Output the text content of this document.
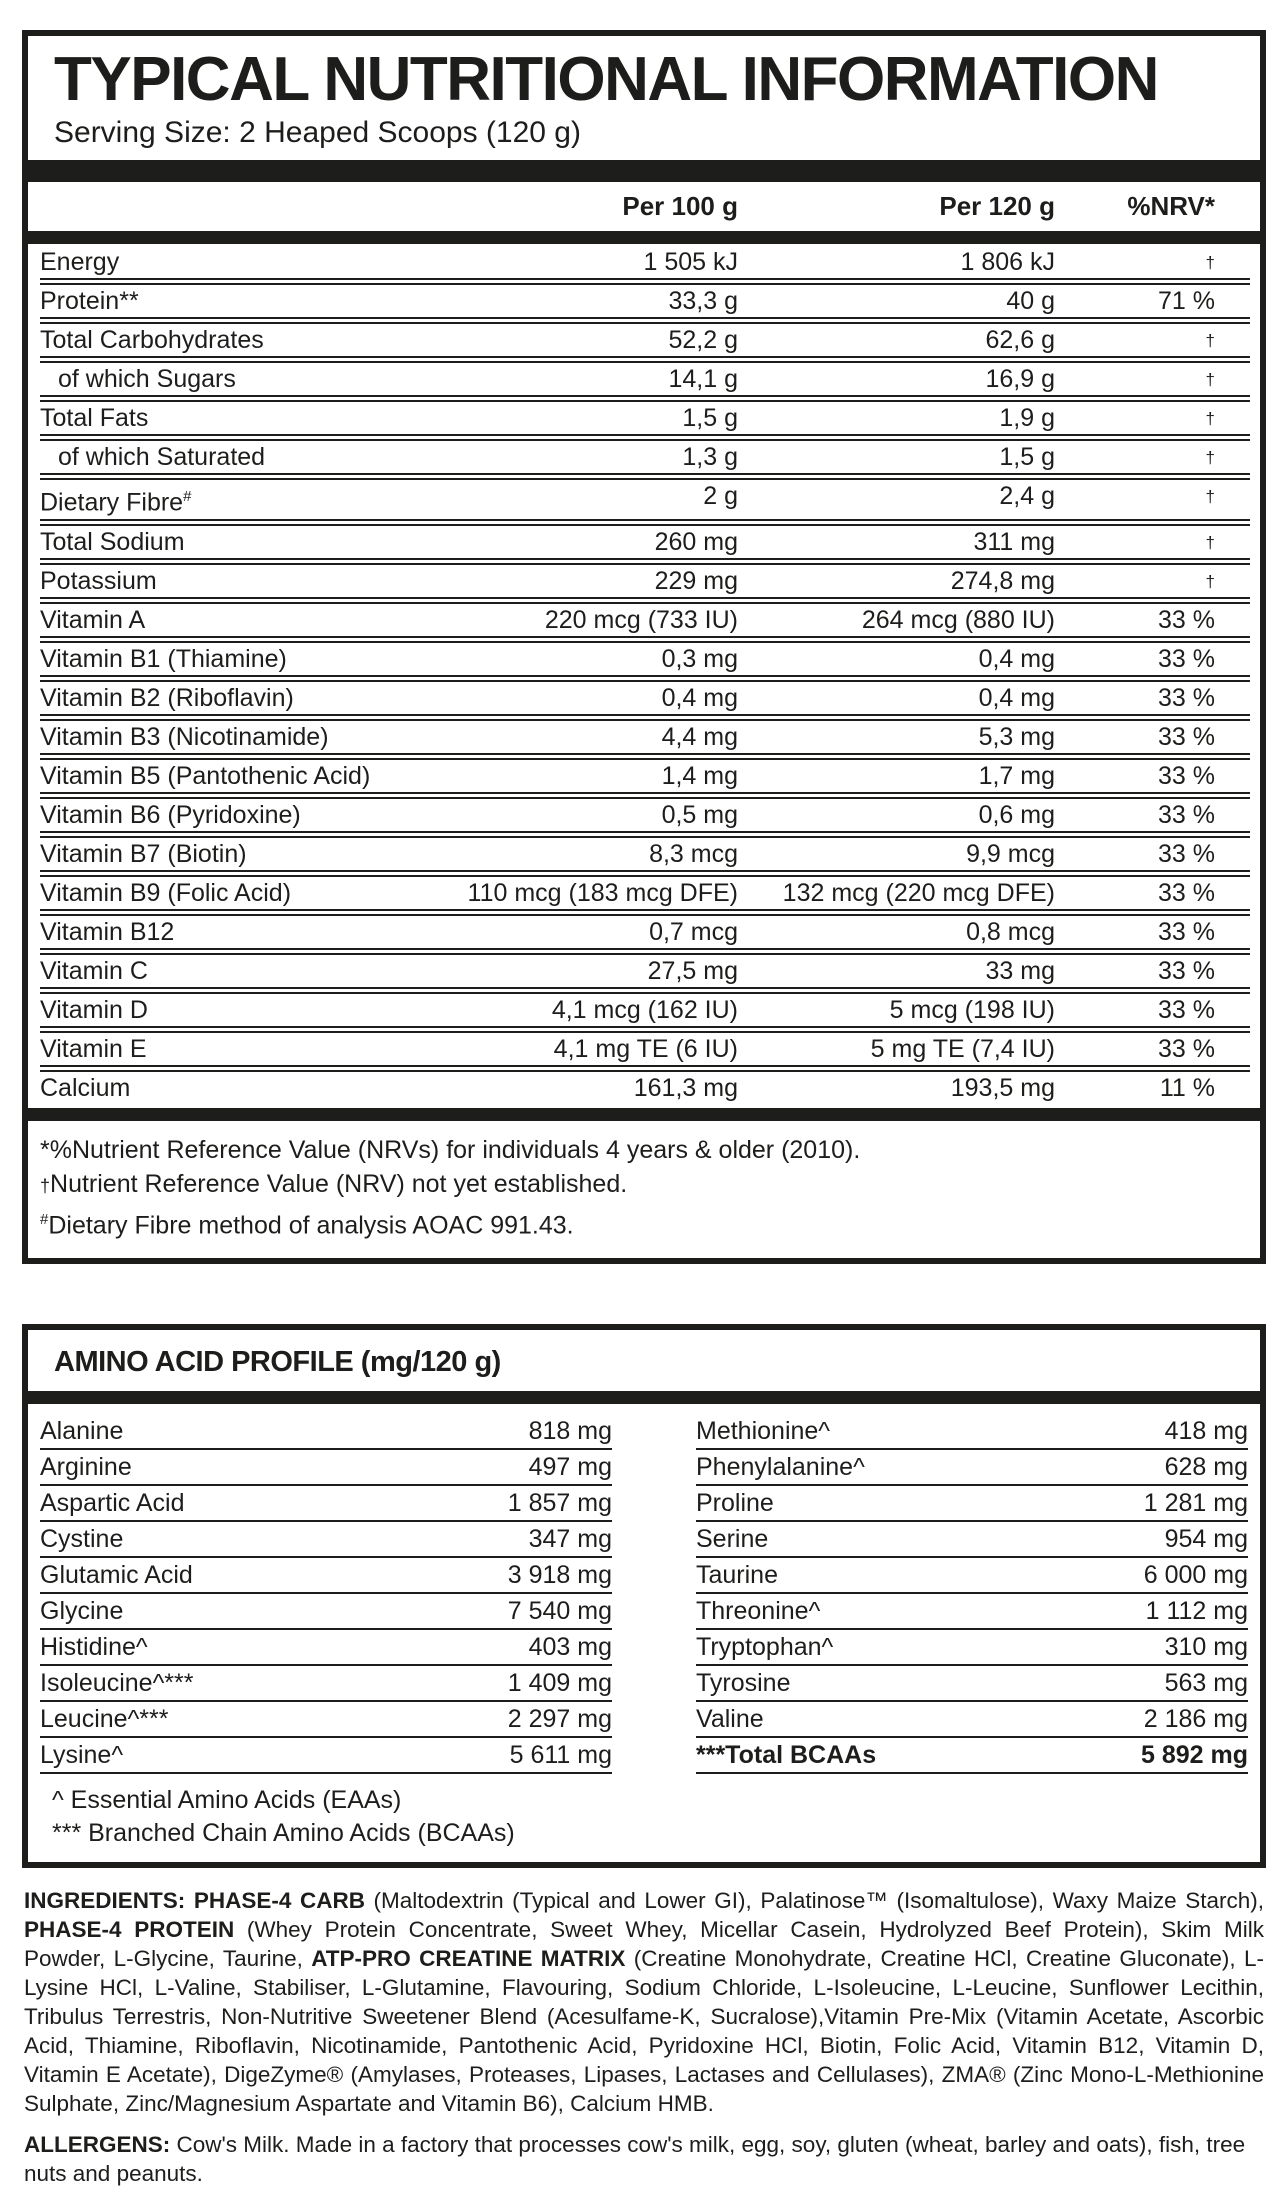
TYPICAL NUTRITIONAL INFORMATION
Serving Size: 2 Heaped Scoops (120 g)
Per 100 g	Per 120 g	%NRV*
Energy	1 505 kJ	1 806 kJ	†
Protein**	33,3 g	40 g	71 %
Total Carbohydrates	52,2 g	62,6 g	†
of which Sugars	14,1 g	16,9 g	†
Total Fats	1,5 g	1,9 g	†
of which Saturated	1,3 g	1,5 g	†
Dietary Fibre#	2 g	2,4 g	†
Total Sodium	260 mg	311 mg	†
Potassium	229 mg	274,8 mg	†
Vitamin A	220 mcg (733 IU)	264 mcg (880 IU)	33 %
Vitamin B1 (Thiamine)	0,3 mg	0,4 mg	33 %
Vitamin B2 (Riboflavin)	0,4 mg	0,4 mg	33 %
Vitamin B3 (Nicotinamide)	4,4 mg	5,3 mg	33 %
Vitamin B5 (Pantothenic Acid)	1,4 mg	1,7 mg	33 %
Vitamin B6 (Pyridoxine)	0,5 mg	0,6 mg	33 %
Vitamin B7 (Biotin)	8,3 mcg	9,9 mcg	33 %
Vitamin B9 (Folic Acid)	110 mcg (183 mcg DFE)	132 mcg (220 mcg DFE)	33 %
Vitamin B12	0,7 mcg	0,8 mcg	33 %
Vitamin C	27,5 mg	33 mg	33 %
Vitamin D	4,1 mcg (162 IU)	5 mcg (198 IU)	33 %
Vitamin E	4,1 mg TE (6 IU)	5 mg TE (7,4 IU)	33 %
Calcium	161,3 mg	193,5 mg	11 %
*%Nutrient Reference Value (NRVs) for individuals 4 years & older (2010).
†Nutrient Reference Value (NRV) not yet established.
#Dietary Fibre method of analysis AOAC 991.43.
AMINO ACID PROFILE (mg/120 g)
Alanine	818 mg
Arginine	497 mg
Aspartic Acid	1 857 mg
Cystine	347 mg
Glutamic Acid	3 918 mg
Glycine	7 540 mg
Histidine^	403 mg
Isoleucine^***	1 409 mg
Leucine^***	2 297 mg
Lysine^	5 611 mg
Methionine^	418 mg
Phenylalanine^	628 mg
Proline	1 281 mg
Serine	954 mg
Taurine	6 000 mg
Threonine^	1 112 mg
Tryptophan^	310 mg
Tyrosine	563 mg
Valine	2 186 mg
***Total BCAAs	5 892 mg
^ Essential Amino Acids (EAAs)
*** Branched Chain Amino Acids (BCAAs)

INGREDIENTS: PHASE-4 CARB (Maltodextrin (Typical and Lower GI), Palatinose™ (Isomaltulose), Waxy Maize Starch), PHASE-4 PROTEIN (Whey Protein Concentrate, Sweet Whey, Micellar Casein, Hydrolyzed Beef Protein), Skim Milk Powder, L-Glycine, Taurine, ATP-PRO CREATINE MATRIX (Creatine Monohydrate, Creatine HCl, Creatine Gluconate), L-Lysine HCl, L-Valine, Stabiliser, L-Glutamine, Flavouring, Sodium Chloride, L-Isoleucine, L-Leucine, Sunflower Lecithin, Tribulus Terrestris, Non-Nutritive Sweetener Blend (Acesulfame-K, Sucralose),Vitamin Pre-Mix (Vitamin Acetate, Ascorbic Acid, Thiamine, Riboflavin, Nicotinamide, Pantothenic Acid, Pyridoxine HCl, Biotin, Folic Acid, Vitamin B12, Vitamin D, Vitamin E Acetate), DigeZyme® (Amylases, Proteases, Lipases, Lactases and Cellulases), ZMA® (Zinc Mono-L-Methionine Sulphate, Zinc/Magnesium Aspartate and Vitamin B6), Calcium HMB.

ALLERGENS: Cow's Milk. Made in a factory that processes cow's milk, egg, soy, gluten (wheat, barley and oats), fish, tree nuts and peanuts.
